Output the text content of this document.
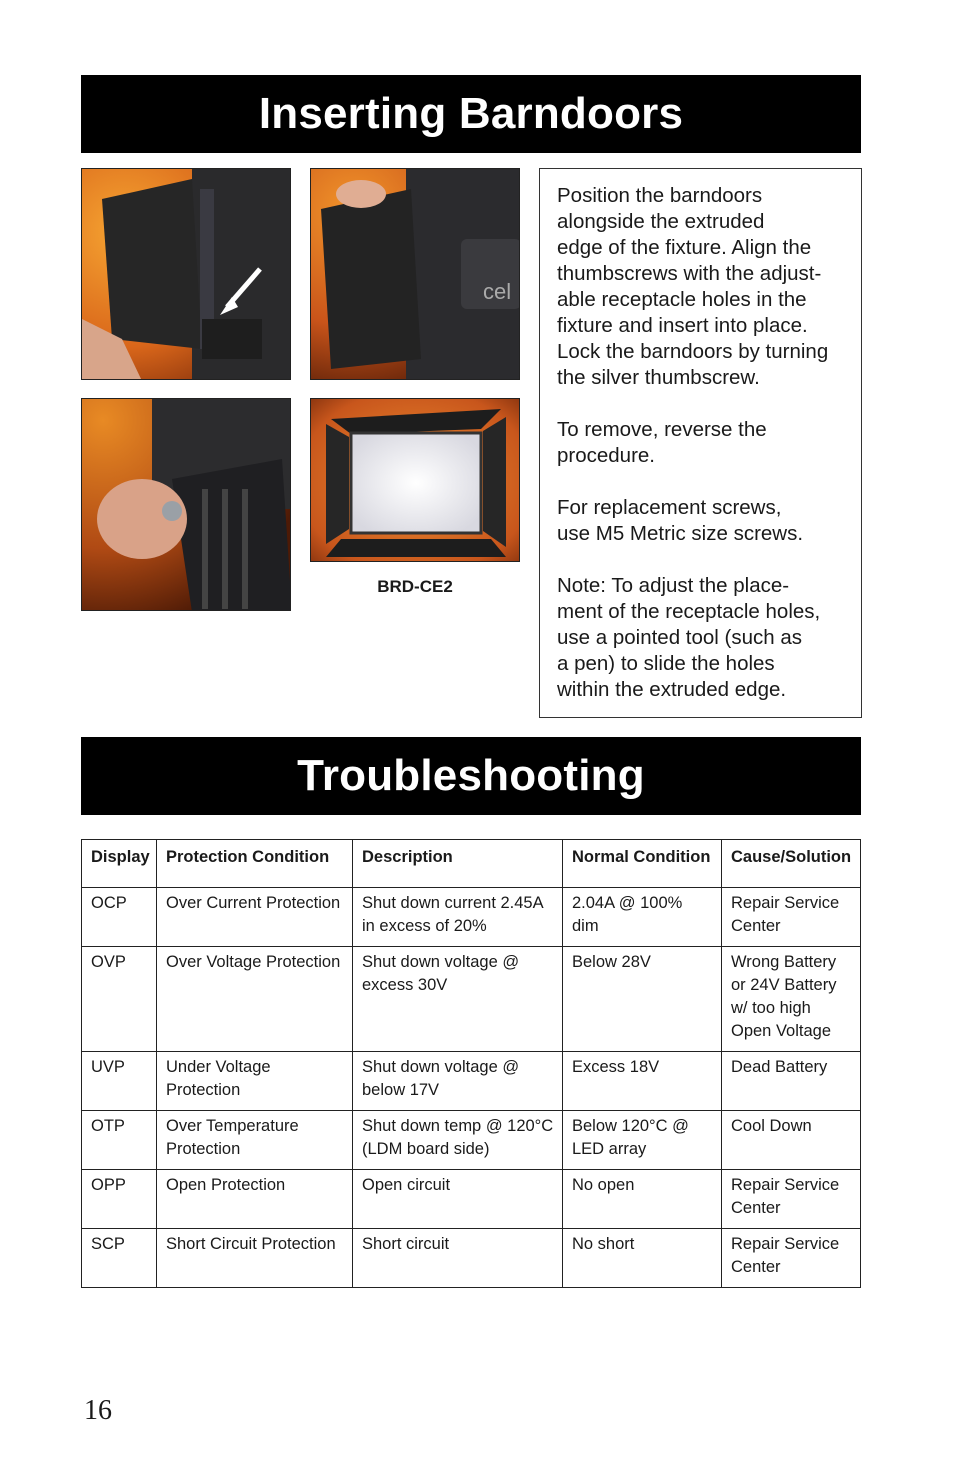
Inserting Barndoors
cel
BRD-CE2

Position the barndoors
alongside the extruded
edge of the fixture. Align the
thumbscrews with the adjust-
able receptacle holes in the
fixture and insert into place.
Lock the barndoors by turning
the silver thumbscrew.

To remove, reverse the
procedure.

For replacement screws,
use M5 Metric size screws.

Note: To adjust the place-
ment of the receptacle holes,
use a pointed tool (such as
a pen) to slide the holes
within the extruded edge.

Troubleshooting
Display	Protection Condition	Description	Normal Condition	Cause/Solution
OCP	Over Current Protection	Shut down current 2.45A in excess of 20%	2.04A @ 100% dim	Repair Service Center
OVP	Over Voltage Protection	Shut down voltage @ excess 30V	Below 28V	Wrong Battery or 24V Battery w/ too high Open Voltage
UVP	Under Voltage Protection	Shut down voltage @ below 17V	Excess 18V	Dead Battery
OTP	Over Temperature Protection	Shut down temp @ 120°C (LDM board side)	Below 120°C @ LED array	Cool Down
OPP	Open Protection	Open circuit	No open	Repair Service Center
SCP	Short Circuit Protection	Short circuit	No short	Repair Service Center
16
